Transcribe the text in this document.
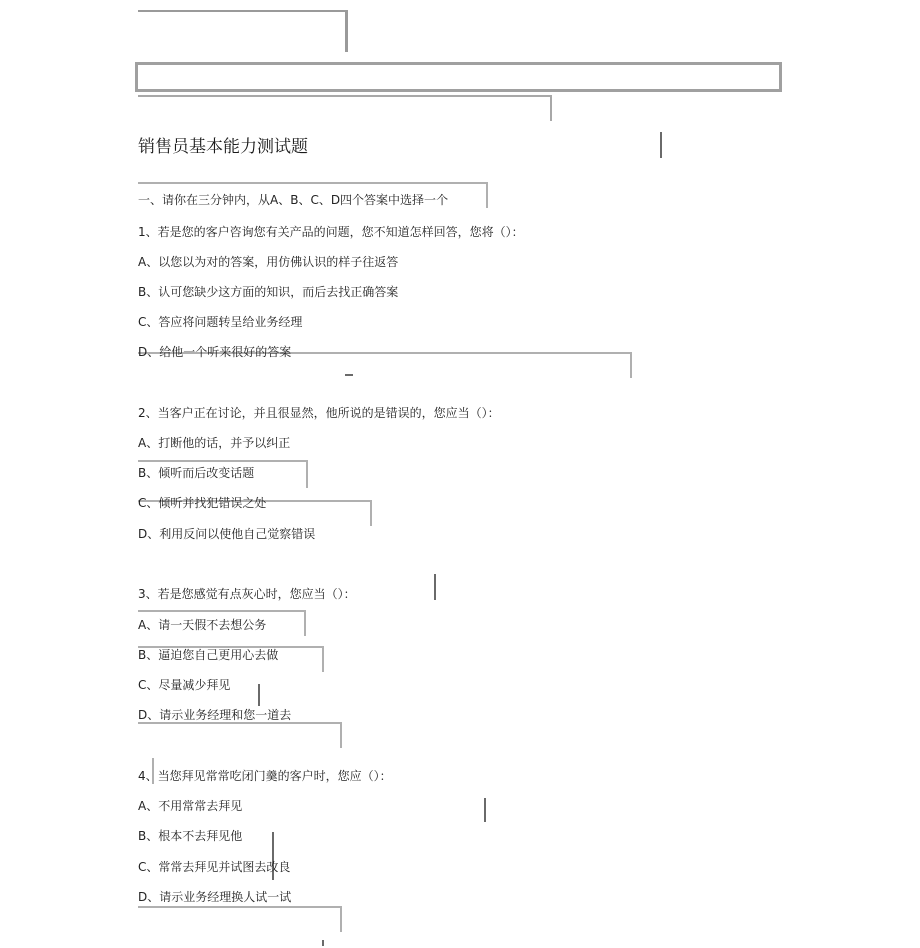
销售员基本能力测试题
一、请你在三分钟内，从A、B、C、D四个答案中选择一个
1、若是您的客户咨询您有关产品的问题，您不知道怎样回答，您将（）：
A、以您以为对的答案，用仿佛认识的样子往返答
B、认可您缺少这方面的知识，而后去找正确答案
C、答应将问题转呈给业务经理
D、给他一个听来很好的答案
2、当客户正在讨论，并且很显然，他所说的是错误的，您应当（）：
A、打断他的话，并予以纠正
B、倾听而后改变话题
C、倾听并找犯错误之处
D、利用反问以使他自己觉察错误
3、若是您感觉有点灰心时，您应当（）：
A、请一天假不去想公务
B、逼迫您自己更用心去做
C、尽量减少拜见
D、请示业务经理和您一道去
4、当您拜见常常吃闭门羹的客户时，您应（）：
A、不用常常去拜见
B、根本不去拜见他
C、常常去拜见并试图去改良
D、请示业务经理换人试一试
